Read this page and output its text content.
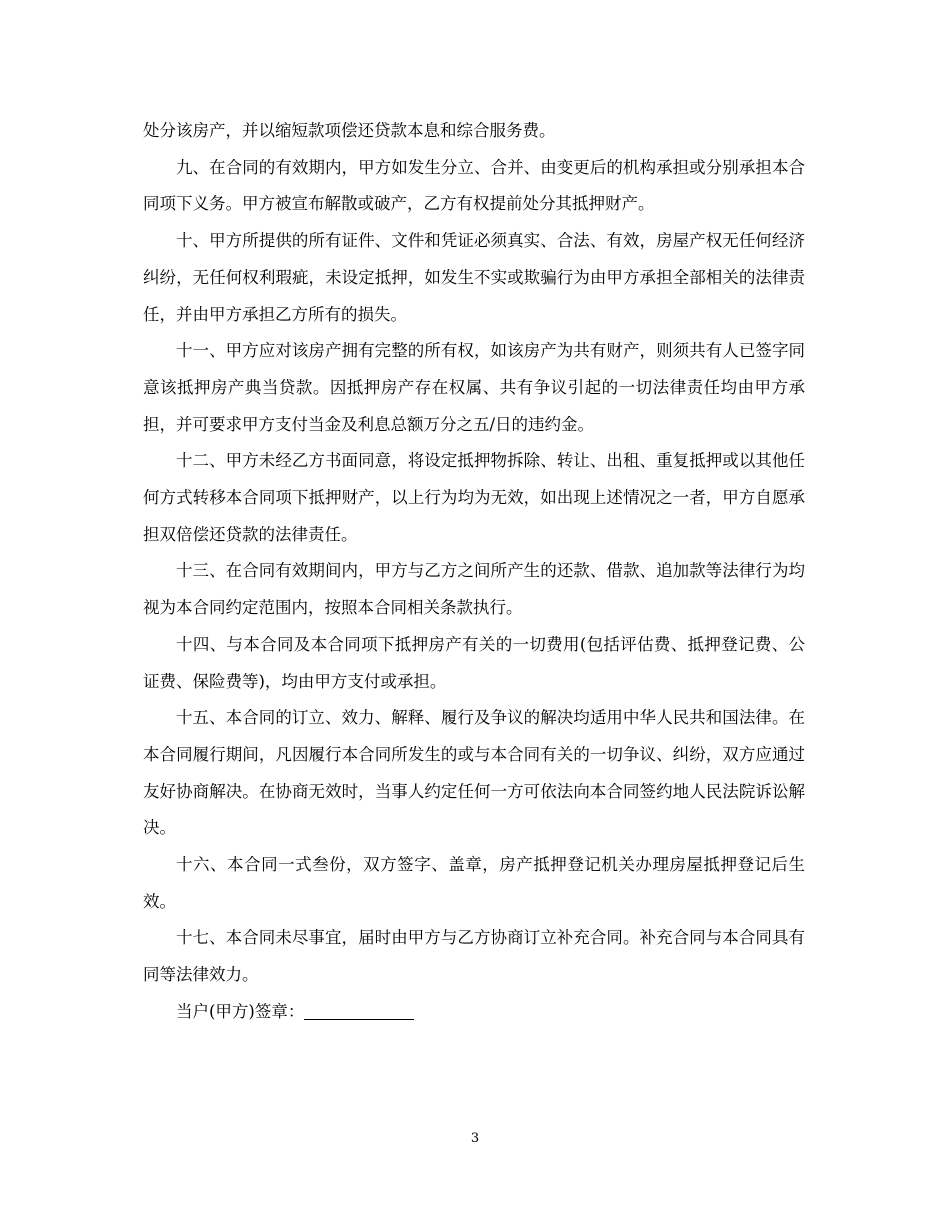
处分该房产，并以缩短款项偿还贷款本息和综合服务费。

九、在合同的有效期内，甲方如发生分立、合并、由变更后的机构承担或分别承担本合同项下义务。甲方被宣布解散或破产，乙方有权提前处分其抵押财产。

十、甲方所提供的所有证件、文件和凭证必须真实、合法、有效，房屋产权无任何经济纠纷，无任何权利瑕疵，未设定抵押，如发生不实或欺骗行为由甲方承担全部相关的法律责任，并由甲方承担乙方所有的损失。

十一、甲方应对该房产拥有完整的所有权，如该房产为共有财产，则须共有人已签字同意该抵押房产典当贷款。因抵押房产存在权属、共有争议引起的一切法律责任均由甲方承担，并可要求甲方支付当金及利息总额万分之五/日的违约金。

十二、甲方未经乙方书面同意，将设定抵押物拆除、转让、出租、重复抵押或以其他任何方式转移本合同项下抵押财产，以上行为均为无效，如出现上述情况之一者，甲方自愿承担双倍偿还贷款的法律责任。

十三、在合同有效期间内，甲方与乙方之间所产生的还款、借款、追加款等法律行为均视为本合同约定范围内，按照本合同相关条款执行。

十四、与本合同及本合同项下抵押房产有关的一切费用(包括评估费、抵押登记费、公证费、保险费等)，均由甲方支付或承担。

十五、本合同的订立、效力、解释、履行及争议的解决均适用中华人民共和国法律。在本合同履行期间，凡因履行本合同所发生的或与本合同有关的一切争议、纠纷，双方应通过友好协商解决。在协商无效时，当事人约定任何一方可依法向本合同签约地人民法院诉讼解决。

十六、本合同一式叁份，双方签字、盖章，房产抵押登记机关办理房屋抵押登记后生效。

十七、本合同未尽事宜，届时由甲方与乙方协商订立补充合同。补充合同与本合同具有同等法律效力。

当户(甲方)签章：

3
